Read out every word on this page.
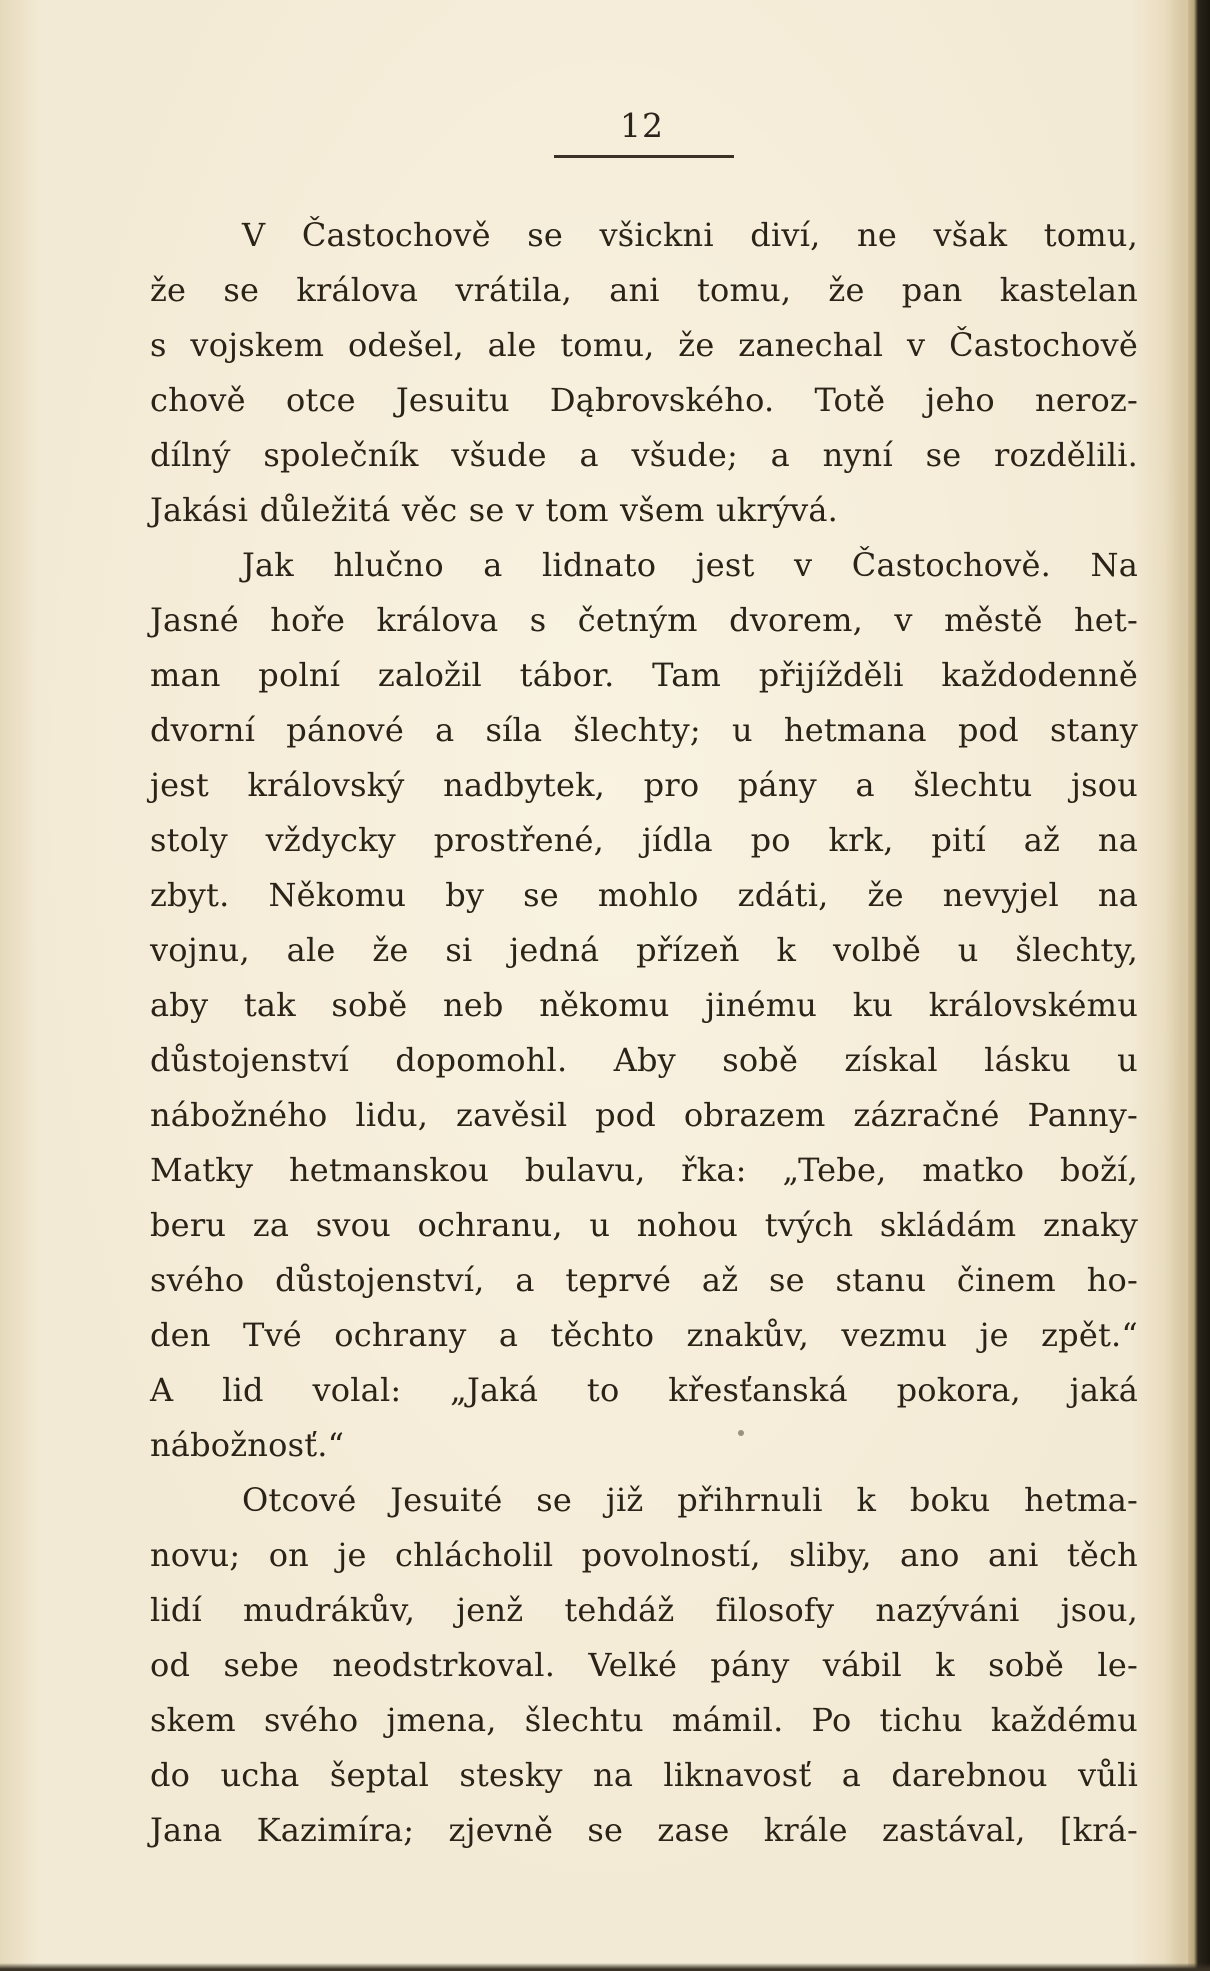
12
V Častochově se všickni diví, ne však tomu,
že se králova vrátila, ani tomu, že pan kastelan
s vojskem odešel, ale tomu, že zanechal v Častochově
chově otce Jesuitu Dąbrovského. Totě jeho neroz-
dílný společník všude a všude; a nyní se rozdělili.
Jakási důležitá věc se v tom všem ukrývá.
Jak hlučno a lidnato jest v Častochově. Na
Jasné hoře králova s četným dvorem, v městě het-
man polní založil tábor. Tam přijížděli každodenně
dvorní pánové a síla šlechty; u hetmana pod stany
jest královský nadbytek, pro pány a šlechtu jsou
stoly vždycky prostřené, jídla po krk, pití až na
zbyt. Někomu by se mohlo zdáti, že nevyjel na
vojnu, ale že si jedná přízeň k volbě u šlechty,
aby tak sobě neb někomu jinému ku královskému
důstojenství dopomohl. Aby sobě získal lásku u
nábožného lidu, zavěsil pod obrazem zázračné Panny-
Matky hetmanskou bulavu, řka: „Tebe, matko boží,
beru za svou ochranu, u nohou tvých skládám znaky
svého důstojenství, a teprvé až se stanu činem ho-
den Tvé ochrany a těchto znakův, vezmu je zpět.“
A lid volal: „Jaká to křesťanská pokora, jaká
nábožnosť.“
Otcové Jesuité se již přihrnuli k boku hetma-
novu; on je chlácholil povolností, sliby, ano ani těch
lidí mudrákův, jenž tehdáž filosofy nazýváni jsou,
od sebe neodstrkoval. Velké pány vábil k sobě le-
skem svého jmena, šlechtu mámil. Po tichu každému
do ucha šeptal stesky na liknavosť a darebnou vůli
Jana Kazimíra; zjevně se zase krále zastával, [krá-
